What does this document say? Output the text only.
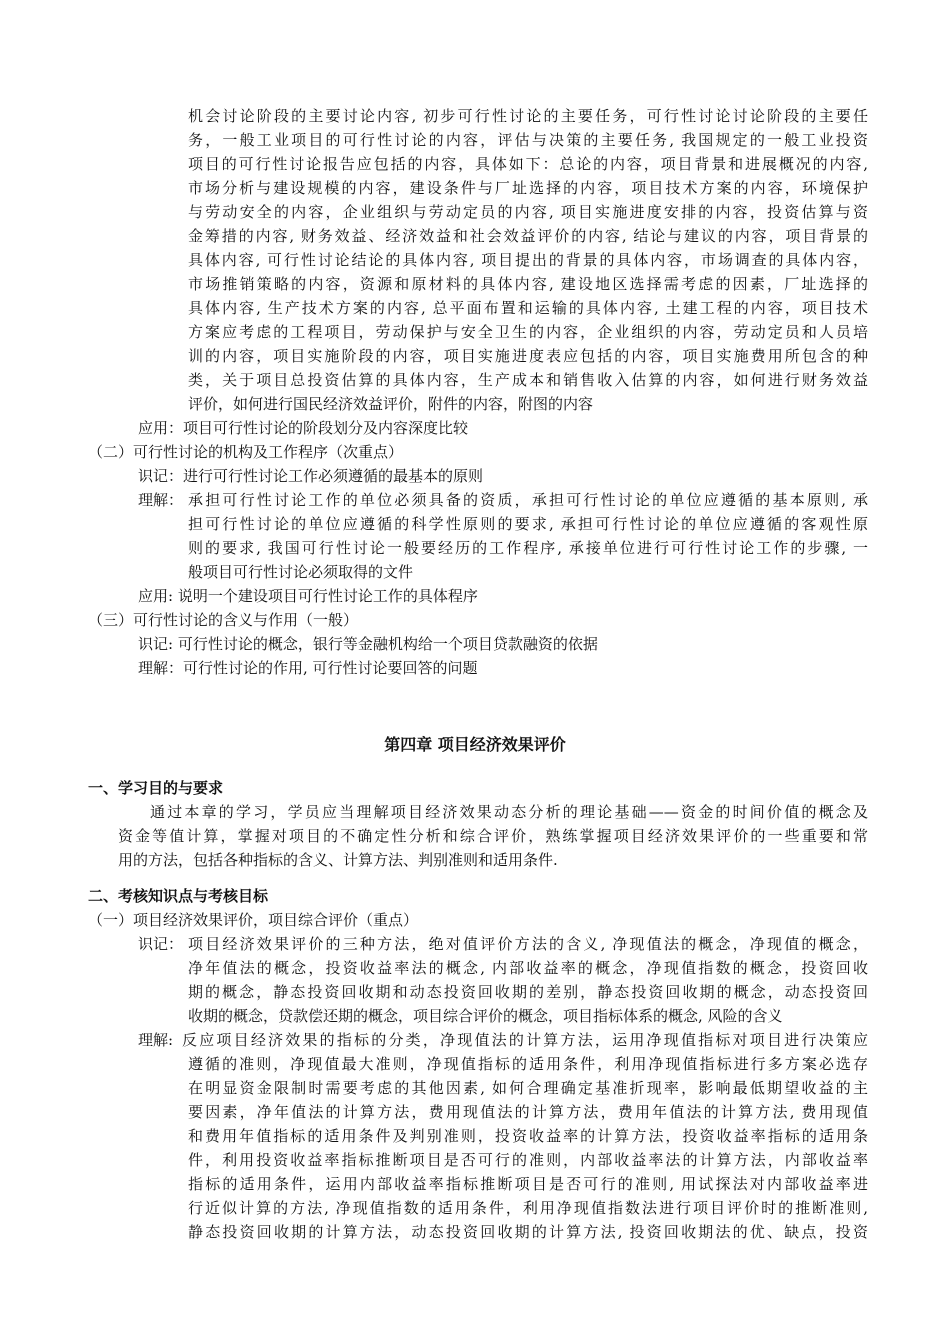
机会讨论阶段的主要讨论内容, 初步可行性讨论的主要任务，可行性讨论讨论阶段的主要任
务，一般工业项目的可行性讨论的内容，评估与决策的主要任务, 我国规定的一般工业投资
项目的可行性讨论报告应包括的内容，具体如下：总论的内容，项目背景和进展概况的内容,
市场分析与建设规模的内容，建设条件与厂址选择的内容，项目技术方案的内容，环境保护
与劳动安全的内容，企业组织与劳动定员的内容, 项目实施进度安排的内容，投资估算与资
金筹措的内容, 财务效益、经济效益和社会效益评价的内容, 结论与建议的内容，项目背景的
具体内容, 可行性讨论结论的具体内容, 项目提出的背景的具体内容，市场调查的具体内容，
市场推销策略的内容，资源和原材料的具体内容, 建设地区选择需考虑的因素，厂址选择的
具体内容, 生产技术方案的内容, 总平面布置和运输的具体内容, 土建工程的内容，项目技术
方案应考虑的工程项目，劳动保护与安全卫生的内容，企业组织的内容，劳动定员和人员培
训的内容，项目实施阶段的内容，项目实施进度表应包括的内容，项目实施费用所包含的种
类，关于项目总投资估算的具体内容，生产成本和销售收入估算的内容，如何进行财务效益
评价，如何进行国民经济效益评价，附件的内容，附图的内容
应用：项目可行性讨论的阶段划分及内容深度比较
（二）可行性讨论的机构及工作程序（次重点）
识记：进行可行性讨论工作必须遵循的最基本的原则
理解： 承担可行性讨论工作的单位必须具备的资质，承担可行性讨论的单位应遵循的基本原则, 承
担可行性讨论的单位应遵循的科学性原则的要求, 承担可行性讨论的单位应遵循的客观性原
则的要求, 我国可行性讨论一般要经历的工作程序, 承接单位进行可行性讨论工作的步骤, 一
般项目可行性讨论必须取得的文件
应用: 说明一个建设项目可行性讨论工作的具体程序
（三）可行性讨论的含义与作用（一般）
识记: 可行性讨论的概念，银行等金融机构给一个项目贷款融资的依据
理解：可行性讨论的作用, 可行性讨论要回答的问题
第四章 项目经济效果评价
一、学习目的与要求
通过本章的学习，学员应当理解项目经济效果动态分析的理论基础——资金的时间价值的概念及
资金等值计算，掌握对项目的不确定性分析和综合评价，熟练掌握项目经济效果评价的一些重要和常
用的方法，包括各种指标的含义、计算方法、判别准则和适用条件.
二、考核知识点与考核目标
（一）项目经济效果评价，项目综合评价（重点）
识记： 项目经济效果评价的三种方法，绝对值评价方法的含义, 净现值法的概念，净现值的概念，
净年值法的概念，投资收益率法的概念, 内部收益率的概念，净现值指数的概念，投资回收
期的概念，静态投资回收期和动态投资回收期的差别，静态投资回收期的概念，动态投资回
收期的概念，贷款偿还期的概念，项目综合评价的概念，项目指标体系的概念, 风险的含义
理解: 反应项目经济效果的指标的分类，净现值法的计算方法，运用净现值指标对项目进行决策应
遵循的准则，净现值最大准则，净现值指标的适用条件，利用净现值指标进行多方案必选存
在明显资金限制时需要考虑的其他因素, 如何合理确定基准折现率，影响最低期望收益的主
要因素，净年值法的计算方法，费用现值法的计算方法，费用年值法的计算方法, 费用现值
和费用年值指标的适用条件及判别准则，投资收益率的计算方法，投资收益率指标的适用条
件，利用投资收益率指标推断项目是否可行的准则，内部收益率法的计算方法，内部收益率
指标的适用条件，运用内部收益率指标推断项目是否可行的准则, 用试探法对内部收益率进
行近似计算的方法, 净现值指数的适用条件，利用净现值指数法进行项目评价时的推断准则,
静态投资回收期的计算方法，动态投资回收期的计算方法, 投资回收期法的优、缺点，投资
